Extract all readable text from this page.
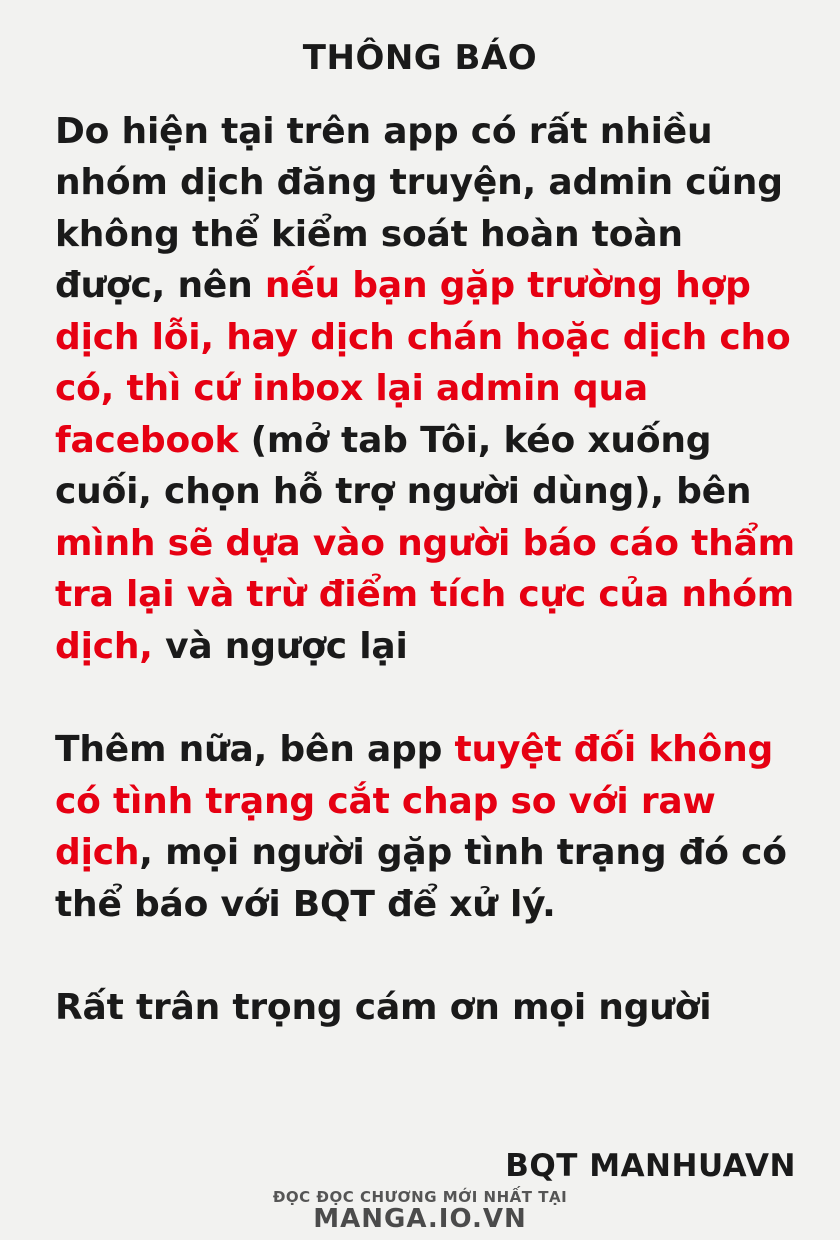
THÔNG BÁO

Do hiện tại trên app có rất nhiều nhóm dịch đăng truyện, admin cũng không thể kiểm soát hoàn toàn được, nên nếu bạn gặp trường hợp dịch lỗi, hay dịch chán hoặc dịch cho có, thì cứ inbox lại admin qua facebook (mở tab Tôi, kéo xuống cuối, chọn hỗ trợ người dùng), bên mình sẽ dựa vào người báo cáo thẩm tra lại và trừ điểm tích cực của nhóm dịch, và ngược lại

Thêm nữa, bên app tuyệt đối không có tình trạng cắt chap so với raw dịch, mọi người gặp tình trạng đó có thể báo với BQT để xử lý.

Rất trân trọng cám ơn mọi người

BQT MANHUAVN
ĐỌC ĐỌC CHƯƠNG MỚI NHẤT TẠI
MANGA.IO.VN
